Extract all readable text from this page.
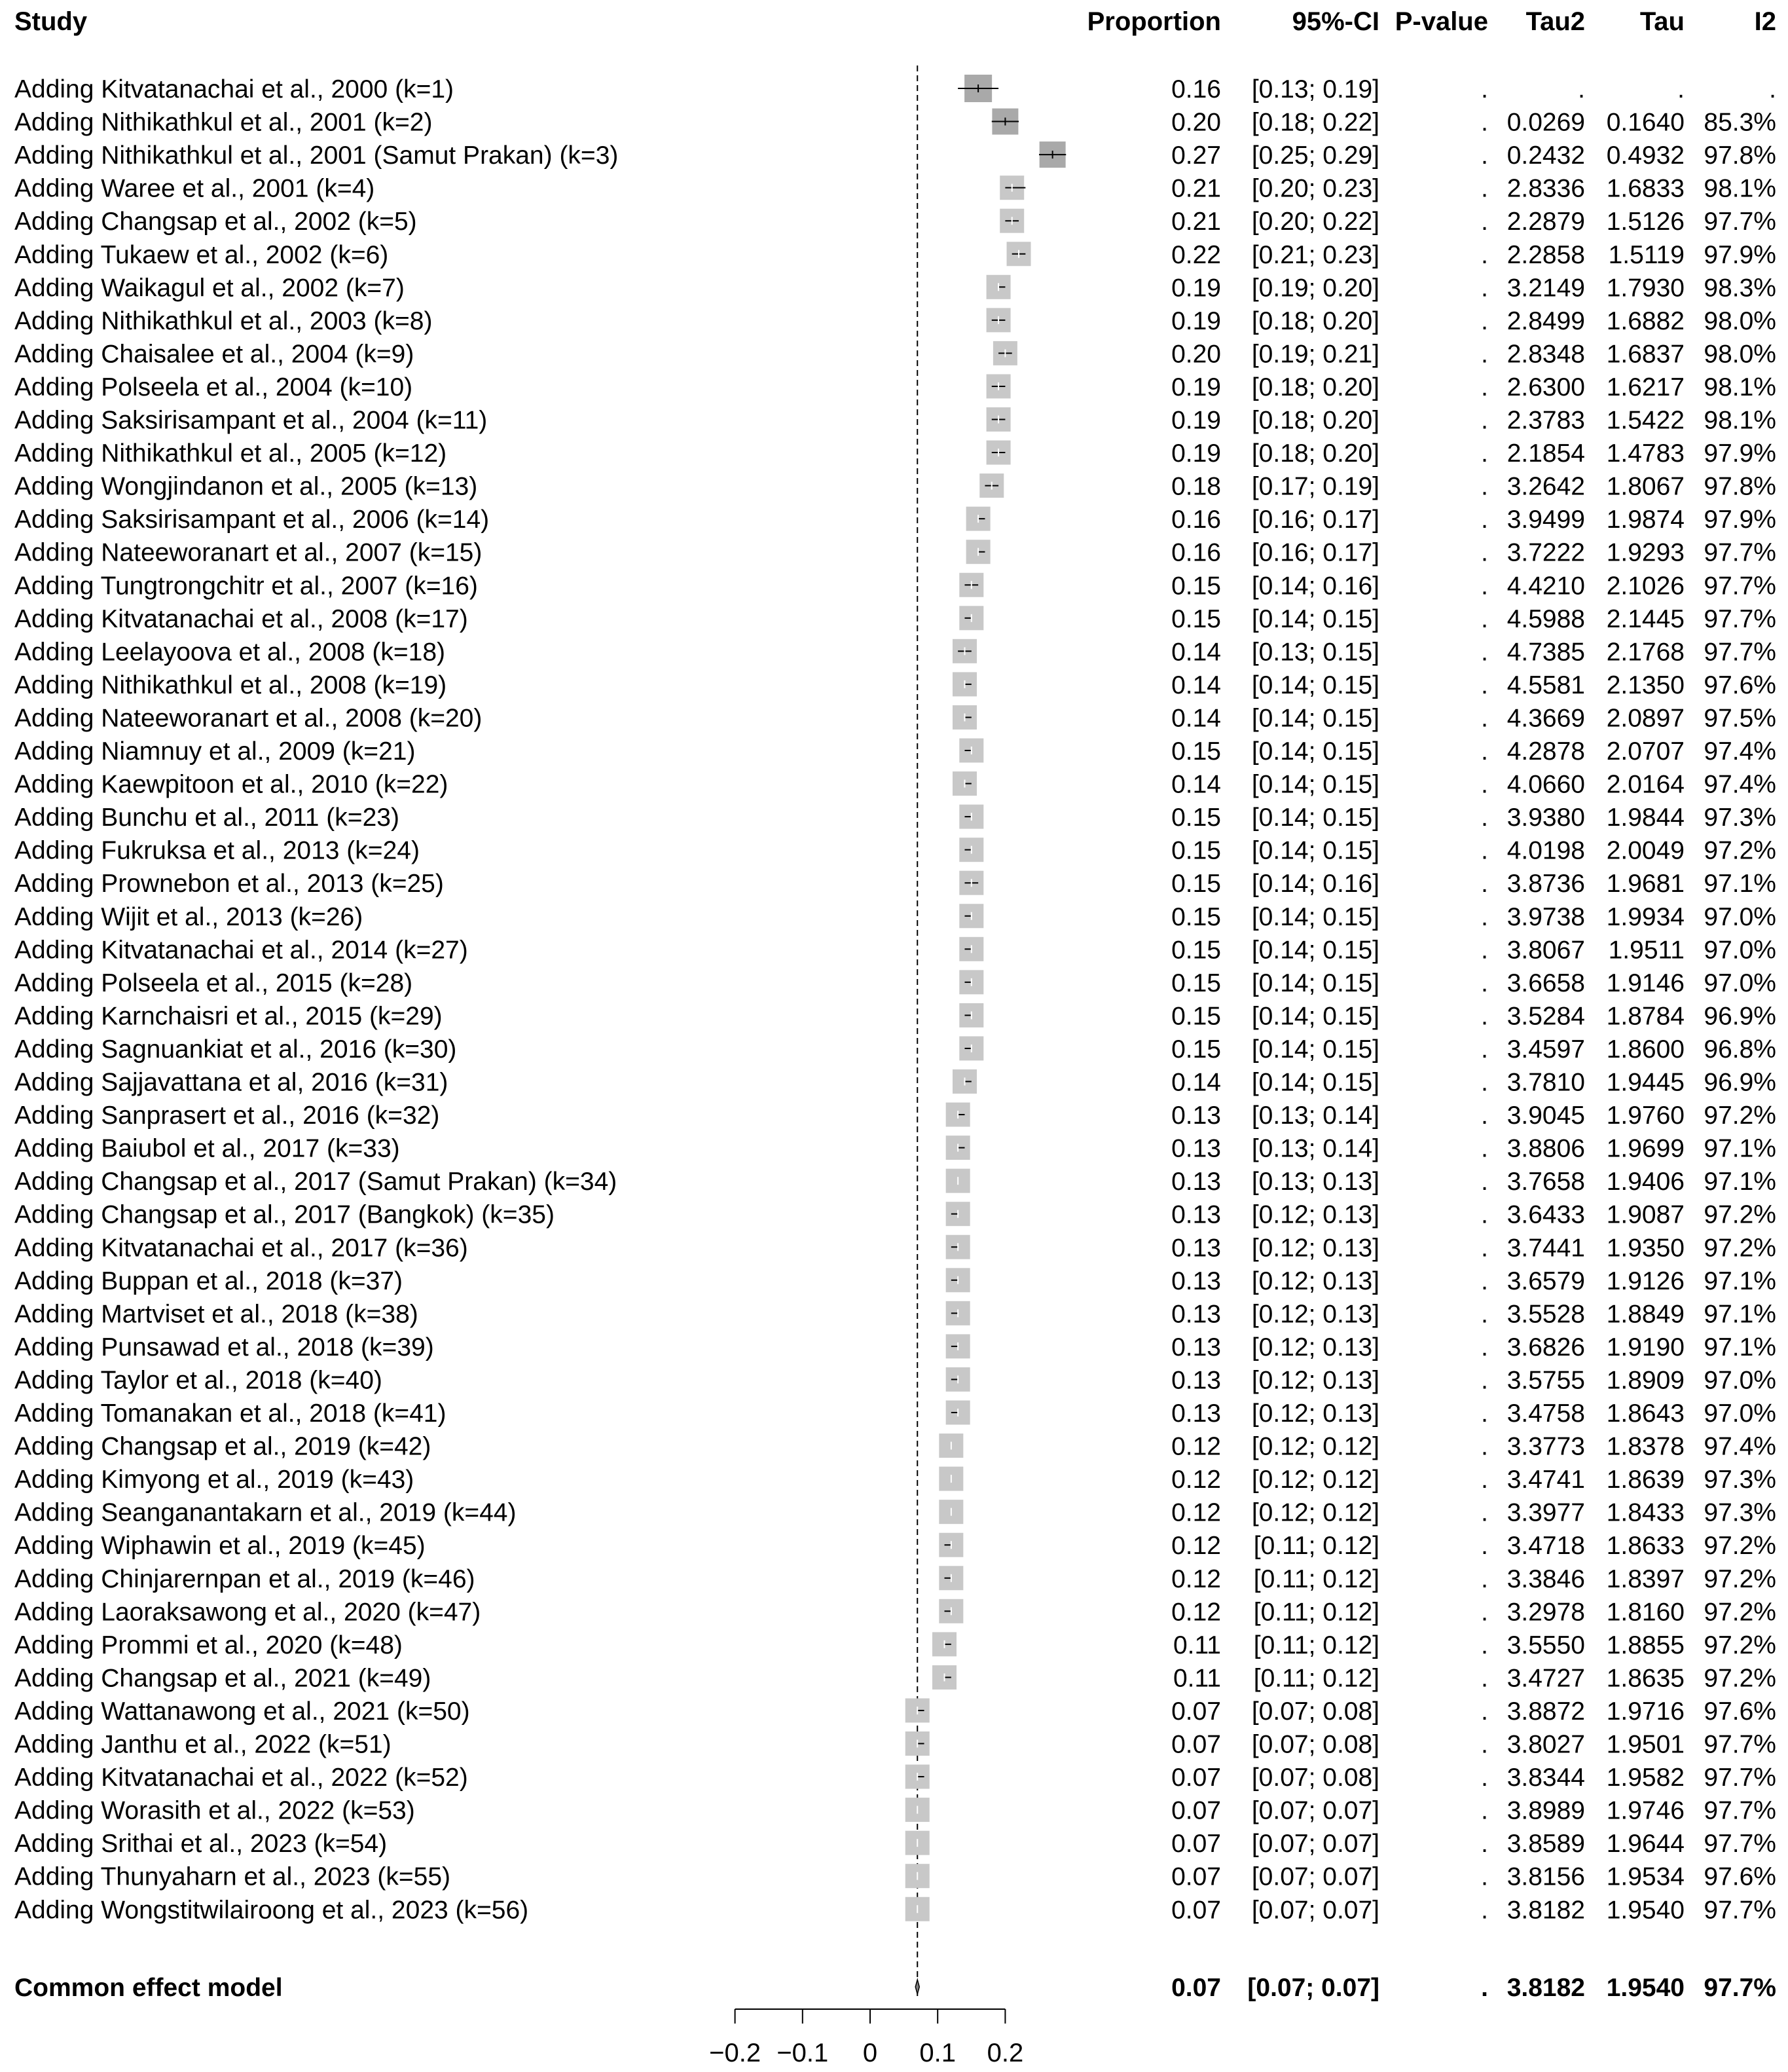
Study	Proportion	95%-CI P-value Tau2 Tau	I2
Adding Kitvatanachai et al., 2000 (k=1)	0.16 [0.13; 0.19]	.	.	.	.
Adding Nithikathkul et al., 2001 (k=2)	0.20 [0.18; 0.22]	. 0.0269 0.1640 85.3%
Adding Nithikathkul et al., 2001 (Samut Prakan) (k=3)	0.27 [0.25; 0.29]	. 0.2432 0.4932 97.8%
Adding Waree et al., 2001 (k=4)	0.21 [0.20; 0.23]	. 2.8336 1.6833 98.1%
Adding Changsap et al., 2002 (k=5)	0.21 [0.20; 0.22]	. 2.2879 1.5126 97.7%
Adding Tukaew et al., 2002 (k=6)	0.22 [0.21; 0.23]	. 2.2858 1.5119 97.9%
Adding Waikagul et al., 2002 (k=7)	0.19 [0.19; 0.20]	. 3.2149 1.7930 98.3%
Adding Nithikathkul et al., 2003 (k=8)	0.19 [0.18; 0.20]	. 2.8499 1.6882 98.0%
Adding Chaisalee et al., 2004 (k=9)	0.20 [0.19; 0.21]	. 2.8348 1.6837 98.0%
Adding Polseela et al., 2004 (k=10)	0.19 [0.18; 0.20]	. 2.6300 1.6217 98.1%
Adding Saksirisampant et al., 2004 (k=11)	0.19 [0.18; 0.20]	. 2.3783 1.5422 98.1%
Adding Nithikathkul et al., 2005 (k=12)	0.19 [0.18; 0.20]	. 2.1854 1.4783 97.9%
Adding Wongjindanon et al., 2005 (k=13)	0.18 [0.17; 0.19]	. 3.2642 1.8067 97.8%
Adding Saksirisampant et al., 2006 (k=14)	0.16 [0.16; 0.17]	. 3.9499 1.9874 97.9%
Adding Nateeworanart et al., 2007 (k=15)	0.16 [0.16; 0.17]	. 3.7222 1.9293 97.7%
Adding Tungtrongchitr et al., 2007 (k=16)	0.15 [0.14; 0.16]	. 4.4210 2.1026 97.7%
Adding Kitvatanachai et al., 2008 (k=17)	0.15 [0.14; 0.15]	. 4.5988 2.1445 97.7%
Adding Leelayoova et al., 2008 (k=18)	0.14 [0.13; 0.15]	. 4.7385 2.1768 97.7%
Adding Nithikathkul et al., 2008 (k=19)	0.14 [0.14; 0.15]	. 4.5581 2.1350 97.6%
Adding Nateeworanart et al., 2008 (k=20)	0.14 [0.14; 0.15]	. 4.3669 2.0897 97.5%
Adding Niamnuy et al., 2009 (k=21)	0.15 [0.14; 0.15]	. 4.2878 2.0707 97.4%
Adding Kaewpitoon et al., 2010 (k=22)	0.14 [0.14; 0.15]	. 4.0660 2.0164 97.4%
Adding Bunchu et al., 2011 (k=23)	0.15 [0.14; 0.15]	. 3.9380 1.9844 97.3%
Adding Fukruksa et al., 2013 (k=24)	0.15 [0.14; 0.15]	. 4.0198 2.0049 97.2%
Adding Prownebon et al., 2013 (k=25)	0.15 [0.14; 0.16]	. 3.8736 1.9681 97.1%
Adding Wijit et al., 2013 (k=26)	0.15 [0.14; 0.15]	. 3.9738 1.9934 97.0%
Adding Kitvatanachai et al., 2014 (k=27)	0.15 [0.14; 0.15]	. 3.8067 1.9511 97.0%
Adding Polseela et al., 2015 (k=28)	0.15 [0.14; 0.15]	. 3.6658 1.9146 97.0%
Adding Karnchaisri et al., 2015 (k=29)	0.15 [0.14; 0.15]	. 3.5284 1.8784 96.9%
Adding Sagnuankiat et al., 2016 (k=30)	0.15 [0.14; 0.15]	. 3.4597 1.8600 96.8%
Adding Sajjavattana et al, 2016 (k=31)	0.14 [0.14; 0.15]	. 3.7810 1.9445 96.9%
Adding Sanprasert et al., 2016 (k=32)	0.13 [0.13; 0.14]	. 3.9045 1.9760 97.2%
Adding Baiubol et al., 2017 (k=33)	0.13 [0.13; 0.14]	. 3.8806 1.9699 97.1%
Adding Changsap et al., 2017 (Samut Prakan) (k=34)	0.13 [0.13; 0.13]	. 3.7658 1.9406 97.1%
Adding Changsap et al., 2017 (Bangkok) (k=35)	0.13 [0.12; 0.13]	. 3.6433 1.9087 97.2%
Adding Kitvatanachai et al., 2017 (k=36)	0.13 [0.12; 0.13]	. 3.7441 1.9350 97.2%
Adding Buppan et al., 2018 (k=37)	0.13 [0.12; 0.13]	. 3.6579 1.9126 97.1%
Adding Martviset et al., 2018 (k=38)	0.13 [0.12; 0.13]	. 3.5528 1.8849 97.1%
Adding Punsawad et al., 2018 (k=39)	0.13 [0.12; 0.13]	. 3.6826 1.9190 97.1%
Adding Taylor et al., 2018 (k=40)	0.13 [0.12; 0.13]	. 3.5755 1.8909 97.0%
Adding Tomanakan et al., 2018 (k=41)	0.13 [0.12; 0.13]	. 3.4758 1.8643 97.0%
Adding Changsap et al., 2019 (k=42)	0.12 [0.12; 0.12]	. 3.3773 1.8378 97.4%
Adding Kimyong et al., 2019 (k=43)	0.12 [0.12; 0.12]	. 3.4741 1.8639 97.3%
Adding Seanganantakarn et al., 2019 (k=44)	0.12 [0.12; 0.12]	. 3.3977 1.8433 97.3%
Adding Wiphawin et al., 2019 (k=45)	0.12 [0.11; 0.12]	. 3.4718 1.8633 97.2%
Adding Chinjarernpan et al., 2019 (k=46)	0.12 [0.11; 0.12]	. 3.3846 1.8397 97.2%
Adding Laoraksawong et al., 2020 (k=47)	0.12 [0.11; 0.12]	. 3.2978 1.8160 97.2%
Adding Prommi et al., 2020 (k=48)	0.11 [0.11; 0.12]	. 3.5550 1.8855 97.2%
Adding Changsap et al., 2021 (k=49)	0.11 [0.11; 0.12]	. 3.4727 1.8635 97.2%
Adding Wattanawong et al., 2021 (k=50)	0.07 [0.07; 0.08]	. 3.8872 1.9716 97.6%
Adding Janthu et al., 2022 (k=51)	0.07 [0.07; 0.08]	. 3.8027 1.9501 97.7%
Adding Kitvatanachai et al., 2022 (k=52)	0.07 [0.07; 0.08]	. 3.8344 1.9582 97.7%
Adding Worasith et al., 2022 (k=53)	0.07 [0.07; 0.07]	. 3.8989 1.9746 97.7%
Adding Srithai et al., 2023 (k=54)	0.07 [0.07; 0.07]	. 3.8589 1.9644 97.7%
Adding Thunyaharn et al., 2023 (k=55)	0.07 [0.07; 0.07]	. 3.8156 1.9534 97.6%
Adding Wongstitwilairoong et al., 2023 (k=56)	0.07 [0.07; 0.07]	. 3.8182 1.9540 97.7%
Common effect model	0.07 [0.07; 0.07]	. 3.8182 1.9540 97.7%
−0.2 −0.1 0 0.1 0.2
